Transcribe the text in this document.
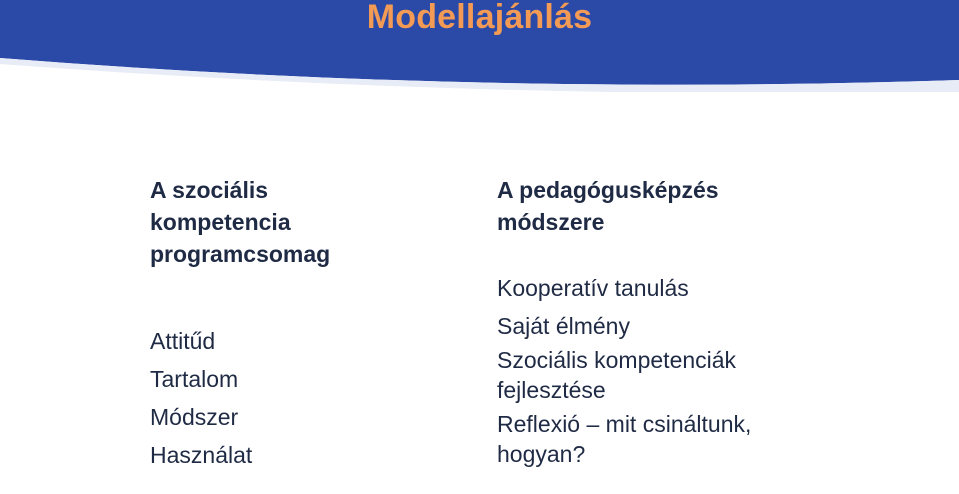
Modellajánlás
A szociális
kompetencia
programcsomag
Attitűd
Tartalom
Módszer
Használat
A pedagógusképzés
módszere
Kooperatív tanulás
Saját élmény
Szociális kompetenciák
fejlesztése
Reflexió – mit csináltunk,
hogyan?
